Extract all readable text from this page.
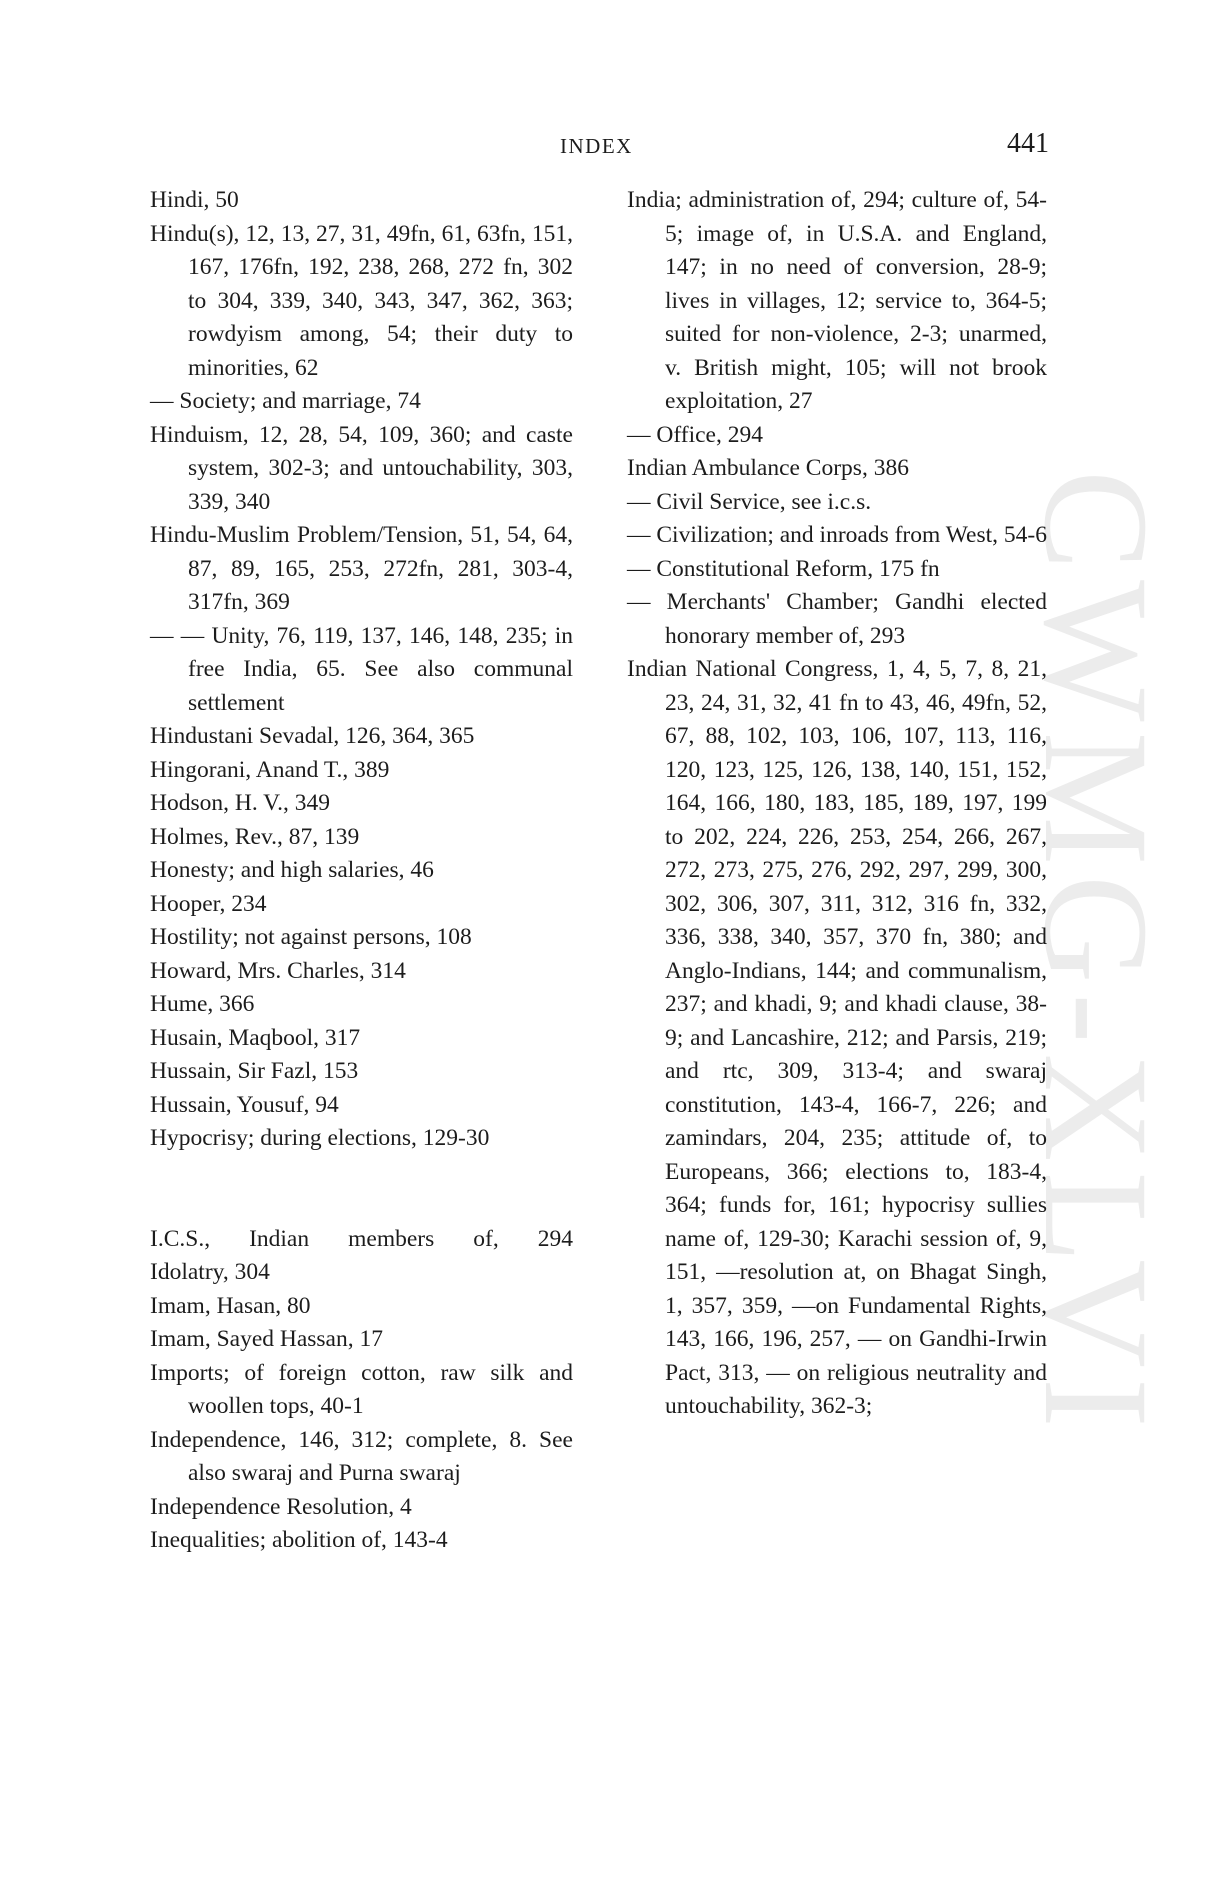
INDEX	441
CWMG-XLVI
Hindi, 50
Hindu(s), 12, 13, 27, 31, 49fn, 61, 63fn, 151, 167, 176fn, 192, 238, 268, 272 fn, 302 to 304, 339, 340, 343, 347, 362, 363; rowdyism among, 54; their duty to minorities, 62
— Society; and marriage, 74
Hinduism, 12, 28, 54, 109, 360; and caste system, 302-3; and untouchability, 303, 339, 340
Hindu-Muslim Problem/Tension, 51, 54, 64, 87, 89, 165, 253, 272fn, 281, 303-4, 317fn, 369
— — Unity, 76, 119, 137, 146, 148, 235; in free India, 65. See also communal settlement
Hindustani Sevadal, 126, 364, 365
Hingorani, Anand T., 389
Hodson, H. V., 349
Holmes, Rev., 87, 139
Honesty; and high salaries, 46
Hooper, 234
Hostility; not against persons, 108
Howard, Mrs. Charles, 314
Hume, 366
Husain, Maqbool, 317
Hussain, Sir Fazl, 153
Hussain, Yousuf, 94
Hypocrisy; during elections, 129-30
I.C.S., Indian members of, 294
Idolatry, 304
Imam, Hasan, 80
Imam, Sayed Hassan, 17
Imports; of foreign cotton, raw silk and woollen tops, 40-1
Independence, 146, 312; complete, 8. See also swaraj and Purna swaraj
Independence Resolution, 4
Inequalities; abolition of, 143-4
India; administration of, 294; culture of, 54-5; image of, in U.S.A. and England, 147; in no need of conversion, 28-9; lives in villages, 12; service to, 364-5; suited for non-violence, 2-3; unarmed, v. British might, 105; will not brook exploitation, 27
— Office, 294
Indian Ambulance Corps, 386
— Civil Service, see i.c.s.
— Civilization; and inroads from West, 54-6
— Constitutional Reform, 175 fn
— Merchants' Chamber; Gandhi elected honorary member of, 293
Indian National Congress, 1, 4, 5, 7, 8, 21, 23, 24, 31, 32, 41 fn to 43, 46, 49fn, 52, 67, 88, 102, 103, 106, 107, 113, 116, 120, 123, 125, 126, 138, 140, 151, 152, 164, 166, 180, 183, 185, 189, 197, 199 to 202, 224, 226, 253, 254, 266, 267, 272, 273, 275, 276, 292, 297, 299, 300, 302, 306, 307, 311, 312, 316 fn, 332, 336, 338, 340, 357, 370 fn, 380; and Anglo-Indians, 144; and communalism, 237; and khadi, 9; and khadi clause, 38-9; and Lancashire, 212; and Parsis, 219; and rtc, 309, 313-4; and swaraj constitution, 143-4, 166-7, 226; and zamindars, 204, 235; attitude of, to Europeans, 366; elections to, 183-4, 364; funds for, 161; hypocrisy sullies name of, 129-30; Karachi session of, 9, 151, —resolution at, on Bhagat Singh, 1, 357, 359, —on Fundamental Rights, 143, 166, 196, 257, — on Gandhi-Irwin Pact, 313, — on religious neutrality and untouchability, 362-3;
